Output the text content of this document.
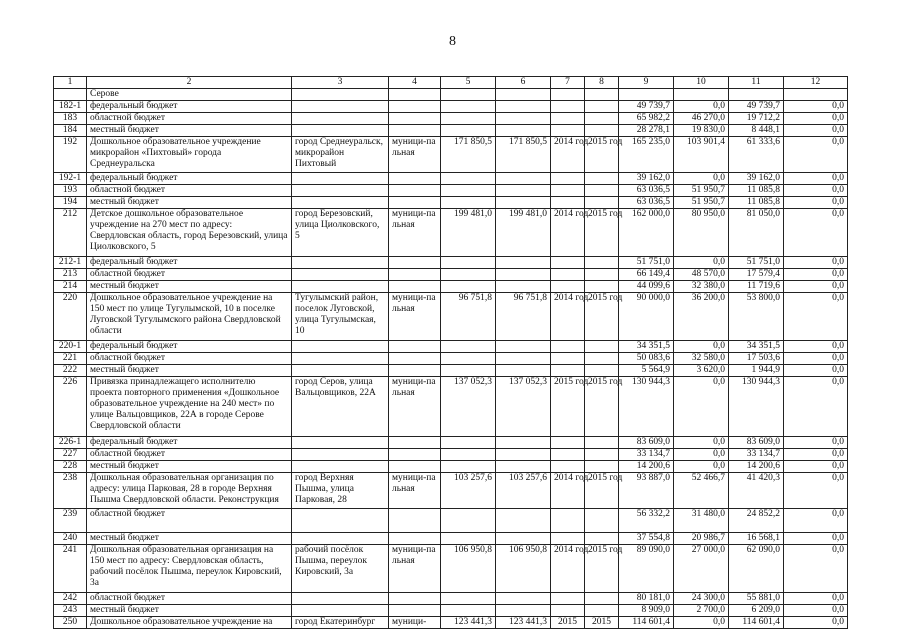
8
1	2	3	4	5	6	7	8	9	10	11	12
	Серове										
182-1	федеральный бюджет							49 739,7	0,0	49 739,7	0,0
183	областной бюджет							65 982,2	46 270,0	19 712,2	0,0
184	местный бюджет							28 278,1	19 830,0	8 448,1	0,0
192	Дошкольное образовательное учреждение микрорайон «Пихтовый» города Среднеуральска	город Среднеуральск, микрорайон Пихтовый	муници-пальная	171 850,5	171 850,5	2014 год	2015 год	165 235,0	103 901,4	61 333,6	0,0
192-1	федеральный бюджет							39 162,0	0,0	39 162,0	0,0
193	областной бюджет							63 036,5	51 950,7	11 085,8	0,0
194	местный бюджет							63 036,5	51 950,7	11 085,8	0,0
212	Детское дошкольное образовательное учреждение на 270 мест по адресу: Свердловская область, город Березовский, улица Циолковского, 5	город Березовский, улица Циолковского, 5	муници-пальная	199 481,0	199 481,0	2014 год	2015 год	162 000,0	80 950,0	81 050,0	0,0
212-1	федеральный бюджет							51 751,0	0,0	51 751,0	0,0
213	областной бюджет							66 149,4	48 570,0	17 579,4	0,0
214	местный бюджет							44 099,6	32 380,0	11 719,6	0,0
220	Дошкольное образовательное учреждение на 150 мест по улице Тугулымской, 10 в поселке Луговской Тугулымского района Свердловской области	Тугулымский район, поселок Луговской, улица Тугулымская, 10	муници-пальная	96 751,8	96 751,8	2014 год	2015 год	90 000,0	36 200,0	53 800,0	0,0
220-1	федеральный бюджет							34 351,5	0,0	34 351,5	0,0
221	областной бюджет							50 083,6	32 580,0	17 503,6	0,0
222	местный бюджет							5 564,9	3 620,0	1 944,9	0,0
226	Привязка принадлежащего исполнителю проекта повторного применения «Дошкольное образовательное учреждение на 240 мест» по улице Вальцовщиков, 22А в городе Серове Свердловской области	город Серов, улица Вальцовщиков, 22А	муници-пальная	137 052,3	137 052,3	2015 год	2015 год	130 944,3	0,0	130 944,3	0,0
226-1	федеральный бюджет							83 609,0	0,0	83 609,0	0,0
227	областной бюджет							33 134,7	0,0	33 134,7	0,0
228	местный бюджет							14 200,6	0,0	14 200,6	0,0
238	Дошкольная образовательная организация по адресу: улица Парковая, 28 в городе Верхняя Пышма Свердловской области. Реконструкция	город Верхняя Пышма, улица Парковая, 28	муници-пальная	103 257,6	103 257,6	2014 год	2015 год	93 887,0	52 466,7	41 420,3	0,0
239	областной бюджет							56 332,2	31 480,0	24 852,2	0,0
240	местный бюджет							37 554,8	20 986,7	16 568,1	0,0
241	Дошкольная образовательная организация на 150 мест по адресу: Свердловская область, рабочий посёлок Пышма, переулок Кировский, 3а	рабочий посёлок Пышма, переулок Кировский, 3а	муници-пальная	106 950,8	106 950,8	2014 год	2015 год	89 090,0	27 000,0	62 090,0	0,0
242	областной бюджет							80 181,0	24 300,0	55 881,0	0,0
243	местный бюджет							8 909,0	2 700,0	6 209,0	0,0
250	Дошкольное образовательное учреждение на	город Екатеринбург	муници-	123 441,3	123 441,3	2015	2015	114 601,4	0,0	114 601,4	0,0
